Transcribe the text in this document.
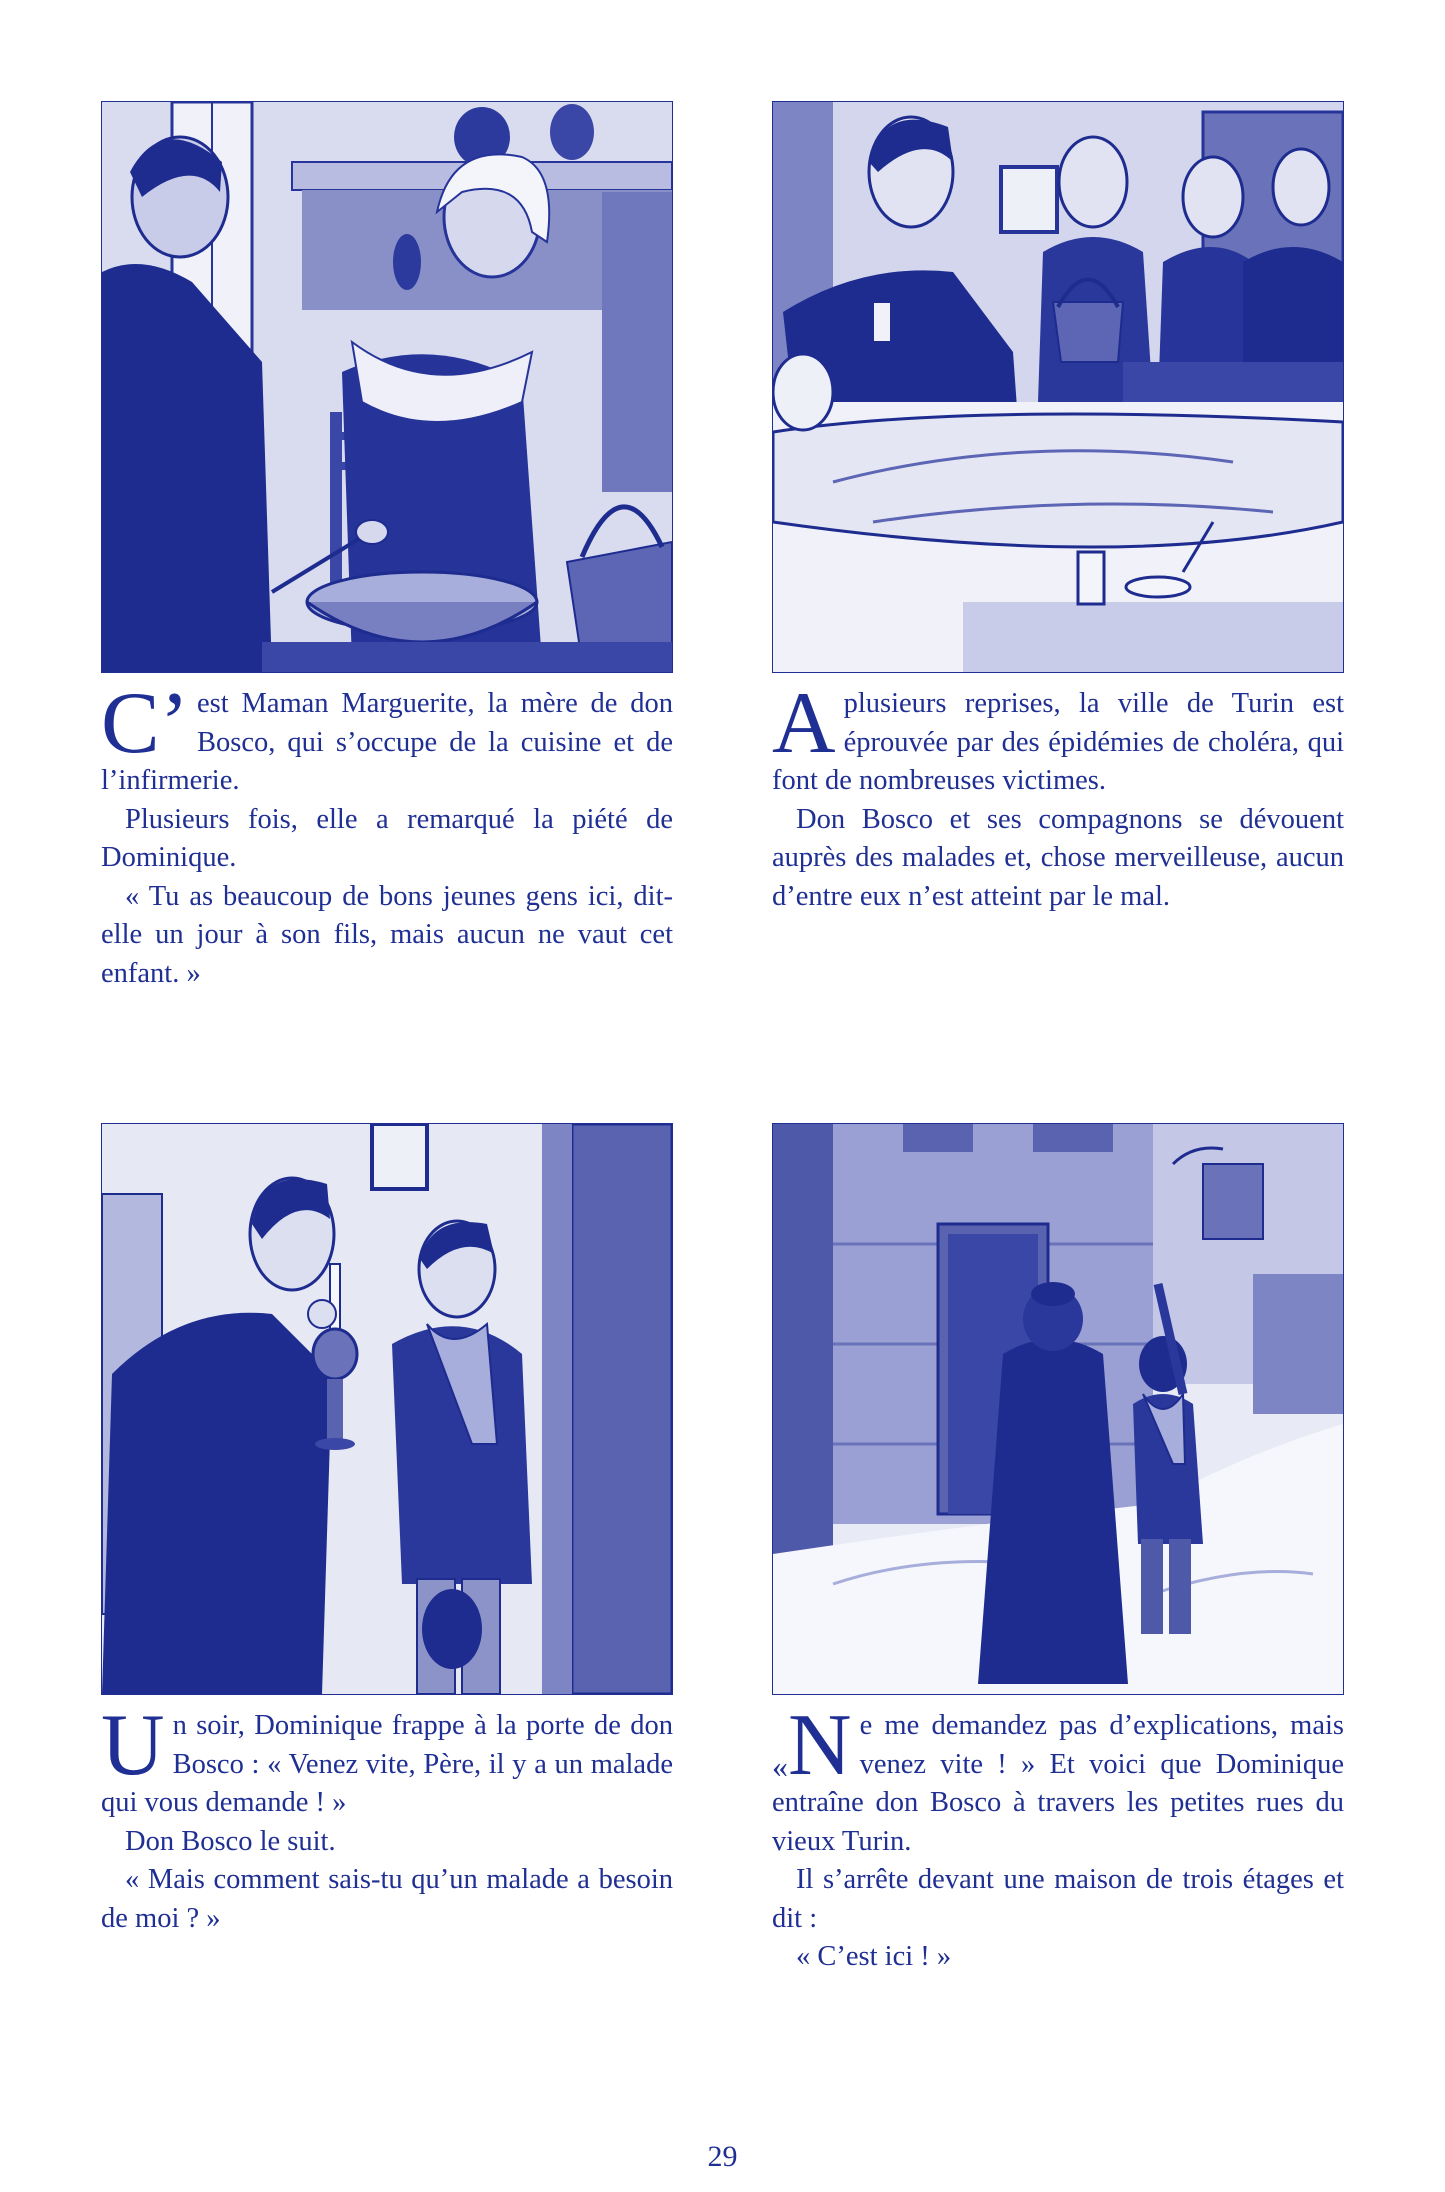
C’ est Maman Marguerite, la mère de don Bosco, qui s’occupe de la cuisine et de l’infirmerie.

Plusieurs fois, elle a remarqué la piété de Dominique.

« Tu as beaucoup de bons jeunes gens ici, dit-elle un jour à son fils, mais aucun ne vaut cet enfant. »

A plusieurs reprises, la ville de Turin est éprouvée par des épidémies de choléra, qui font de nombreuses victimes.

Don Bosco et ses compagnons se dévouent auprès des malades et, chose merveilleuse, aucun d’entre eux n’est atteint par le mal.

U n soir, Dominique frappe à la porte de don Bosco : « Venez vite, Père, il y a un malade qui vous demande ! »

Don Bosco le suit.

« Mais comment sais-tu qu’un malade a besoin de moi ? »

«N e me demandez pas d’explications, mais venez vite ! » Et voici que Dominique entraîne don Bosco à travers les petites rues du vieux Turin.

Il s’arrête devant une maison de trois étages et dit :

« C’est ici ! »

29
